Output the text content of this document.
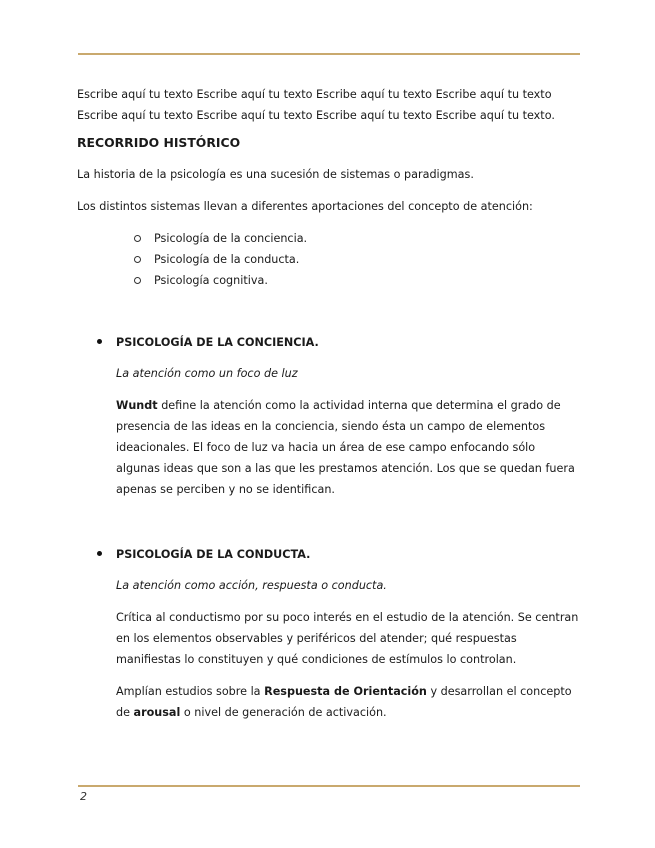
Escribe aquí tu texto Escribe aquí tu texto Escribe aquí tu texto Escribe aquí tu texto Escribe aquí tu texto Escribe aquí tu texto Escribe aquí tu texto Escribe aquí tu texto.

RECORRIDO HISTÓRICO

La historia de la psicología es una sucesión de sistemas o paradigmas.

Los distintos sistemas llevan a diferentes aportaciones del concepto de atención:

Psicología de la conciencia.
Psicología de la conducta.
Psicología cognitiva.

PSICOLOGÍA DE LA CONCIENCIA.

La atención como un foco de luz

Wundt define la atención como la actividad interna que determina el grado de presencia de las ideas en la conciencia, siendo ésta un campo de elementos ideacionales. El foco de luz va hacia un área de ese campo enfocando sólo algunas ideas que son a las que les prestamos atención. Los que se quedan fuera apenas se perciben y no se identifican.

PSICOLOGÍA DE LA CONDUCTA.

La atención como acción, respuesta o conducta.

Crítica al conductismo por su poco interés en el estudio de la atención. Se centran en los elementos observables y periféricos del atender; qué respuestas manifiestas lo constituyen y qué condiciones de estímulos lo controlan.

Amplían estudios sobre la Respuesta de Orientación y desarrollan el concepto de arousal o nivel de generación de activación.

2
